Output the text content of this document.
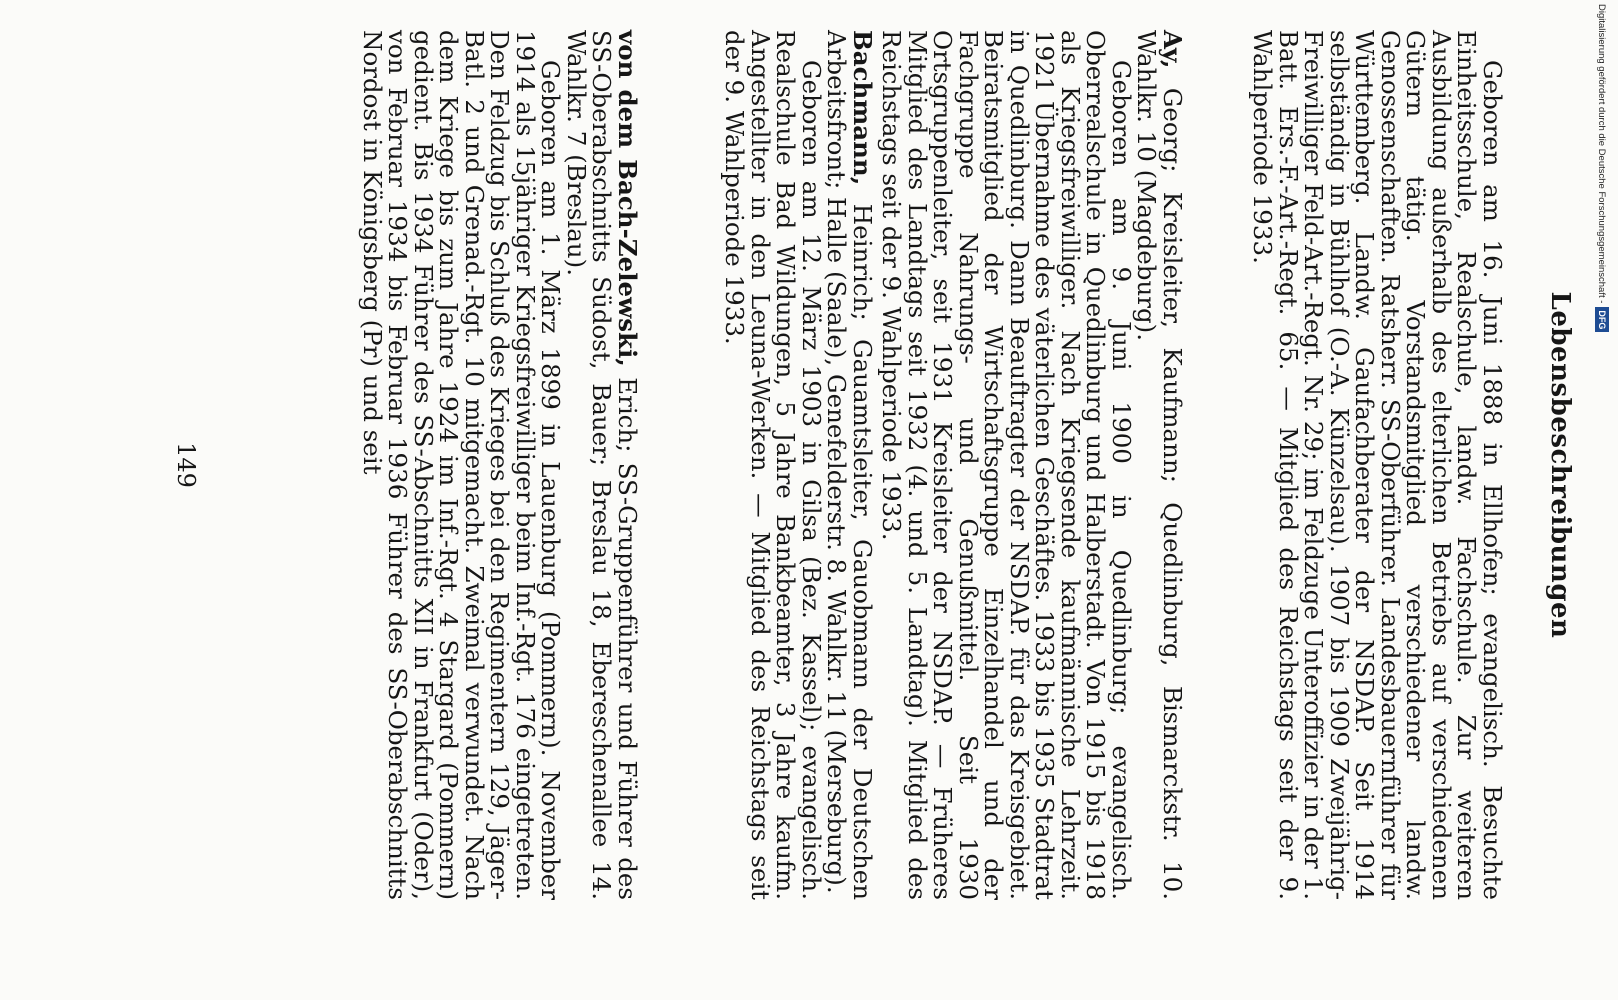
Lebensbeschreibungen

Geboren am 16. Juni 1888 in Ellhofen; evangelisch. Besuchte Einheitsschule, Realschule, landw. Fachschule. Zur weiteren Ausbildung außerhalb des elterlichen Betriebs auf verschiedenen Gütern tätig. Vorstandsmitglied verschiedener landw. Genossenschaften. Ratsherr. SS-Oberführer. Landesbauernführer für Württemberg. Landw. Gaufachberater der NSDAP. Seit 1914 selbständig in Bühlhof (O.-A. Künzelsau). 1907 bis 1909 Zweijährig-Freiwilliger Feld-Art.-Regt. Nr. 29; im Feldzuge Unteroffizier in der 1. Batt. Ers.-F.-Art.-Regt. 65. — Mitglied des Reichstags seit der 9. Wahlperiode 1933.

Ay, Georg; Kreisleiter, Kaufmann; Quedlinburg, Bismarckstr. 10. Wahlkr. 10 (Magdeburg).

Geboren am 9. Juni 1900 in Quedlinburg; evangelisch. Oberrealschule in Quedlinburg und Halberstadt. Von 1915 bis 1918 als Kriegsfreiwilliger. Nach Kriegsende kaufmännische Lehrzeit. 1921 Übernahme des väterlichen Geschäftes. 1933 bis 1935 Stadtrat in Quedlinburg. Dann Beauftragter der NSDAP. für das Kreisgebiet. Beiratsmitglied der Wirtschaftsgruppe Einzelhandel und der Fachgruppe Nahrungs- und Genußmittel. Seit 1930 Ortsgruppenleiter, seit 1931 Kreisleiter der NSDAP. — Früheres Mitglied des Landtags seit 1932 (4. und 5. Landtag). Mitglied des Reichstags seit der 9. Wahlperiode 1933.

Bachmann, Heinrich; Gauamtsleiter, Gauobmann der Deutschen Arbeitsfront; Halle (Saale), Genefelderstr. 8. Wahlkr. 11 (Merseburg).

Geboren am 12. März 1903 in Gilsa (Bez. Kassel); evangelisch. Realschule Bad Wildungen, 5 Jahre Bankbeamter, 3 Jahre kaufm. Angestellter in den Leuna-Werken. — Mitglied des Reichstags seit der 9. Wahlperiode 1933.

von dem Bach-Zelewski, Erich; SS-Gruppenführer und Führer des SS-Oberabschnitts Südost, Bauer; Breslau 18, Ebereschenallee 14. Wahlkr. 7 (Breslau).

Geboren am 1. März 1899 in Lauenburg (Pommern). November 1914 als 15jähriger Kriegsfreiwilliger beim Inf.-Rgt. 176 eingetreten. Den Feldzug bis Schluß des Krieges bei den Regimentern 129, Jäger-Batl. 2 und Grenad.-Rgt. 10 mitgemacht. Zweimal verwundet. Nach dem Kriege bis zum Jahre 1924 im Inf.-Rgt. 4 Stargard (Pommern) gedient. Bis 1934 Führer des SS-Abschnitts XII in Frankfurt (Oder), von Februar 1934 bis Februar 1936 Führer des SS-Oberabschnitts Nordost in Königsberg (Pr) und seit

149
Digitalisierung gefördert durch die Deutsche Forschungsgemeinschaft -DFG
